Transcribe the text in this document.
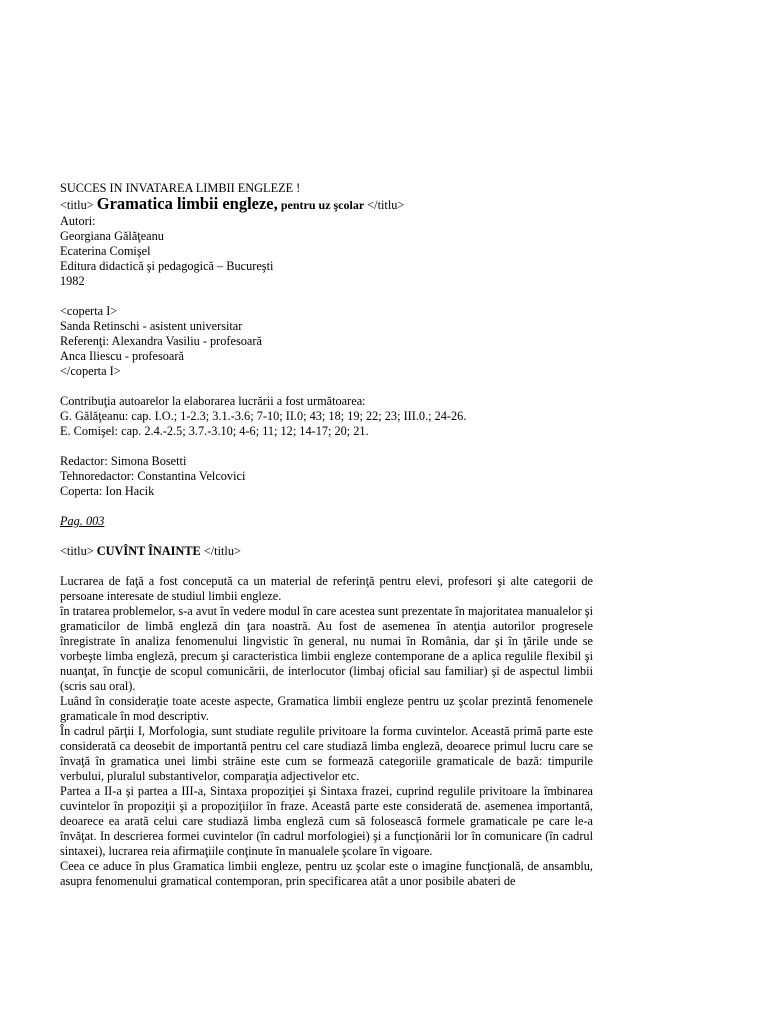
SUCCES IN INVATAREA LIMBII ENGLEZE !
<titlu> Gramatica limbii engleze, pentru uz şcolar </titlu>
Autori:
Georgiana Gălăţeanu
Ecaterina Comişel
Editura didactică şi pedagogică – Bucureşti
1982
<coperta I>
Sanda Retinschi - asistent universitar
Referenţi: Alexandra Vasiliu - profesoară
Anca Iliescu - profesoară
</coperta I>
Contribuţia autoarelor la elaborarea lucrării a fost următoarea:
G. Gălăţeanu: cap. I.O.; 1-2.3; 3.1.-3.6; 7-10; II.0; 43; 18; 19; 22; 23; III.0.; 24-26.
E. Comişel: cap. 2.4.-2.5; 3.7.-3.10; 4-6; 11; 12; 14-17; 20; 21.
Redactor: Simona Bosetti
Tehnoredactor: Constantina Velcovici
Coperta: Ion Hacik
Pag. 003
<titlu> CUVÎNT ÎNAINTE </titlu>

Lucrarea de faţă a fost concepută ca un material de referinţă pentru elevi, profesori şi alte categorii de persoane interesate de studiul limbii engleze.

în tratarea problemelor, s-a avut în vedere modul în care acestea sunt prezentate în majoritatea manualelor şi gramaticilor de limbă engleză din ţara noastră. Au fost de asemenea în atenţia autorilor progresele înregistrate în analiza fenomenului lingvistic în general, nu numai în România, dar şi în ţările unde se vorbeşte limba engleză, precum şi caracteristica limbii engleze contemporane de a aplica regulile flexibil şi nuanţat, în funcţie de scopul comunicării, de interlocutor (limbaj oficial sau familiar) şi de aspectul limbii (scris sau oral).

Luând în consideraţie toate aceste aspecte, Gramatica limbii engleze pentru uz şcolar prezintă fenomenele gramaticale în mod descriptiv.

În cadrul părţii I, Morfologia, sunt studiate regulile privitoare la forma cuvintelor. Această primă parte este considerată ca deosebit de importantă pentru cel care studiază limba engleză, deoarece primul lucru care se învaţă în gramatica unei limbi străine este cum se formează categoriile gramaticale de bază: timpurile verbului, pluralul substantivelor, comparaţia adjectivelor etc.

Partea a II-a şi partea a III-a, Sintaxa propoziţiei şi Sintaxa frazei, cuprind regulile privitoare la îmbinarea cuvintelor în propoziţii şi a propoziţiilor în fraze. Această parte este considerată de. asemenea importantă, deoarece ea arată celui care studiază limba engleză cum să folosească formele gramaticale pe care le-a învăţat. In descrierea formei cuvintelor (în cadrul morfologiei) şi a funcţionării lor în comunicare (în cadrul sintaxei), lucrarea reia afirmaţiile conţinute în manualele şcolare în vigoare.

Ceea ce aduce în plus Gramatica limbii engleze, pentru uz şcolar este o imagine funcţională, de ansamblu, asupra fenomenului gramatical contemporan, prin specificarea atât a unor posibile abateri de
